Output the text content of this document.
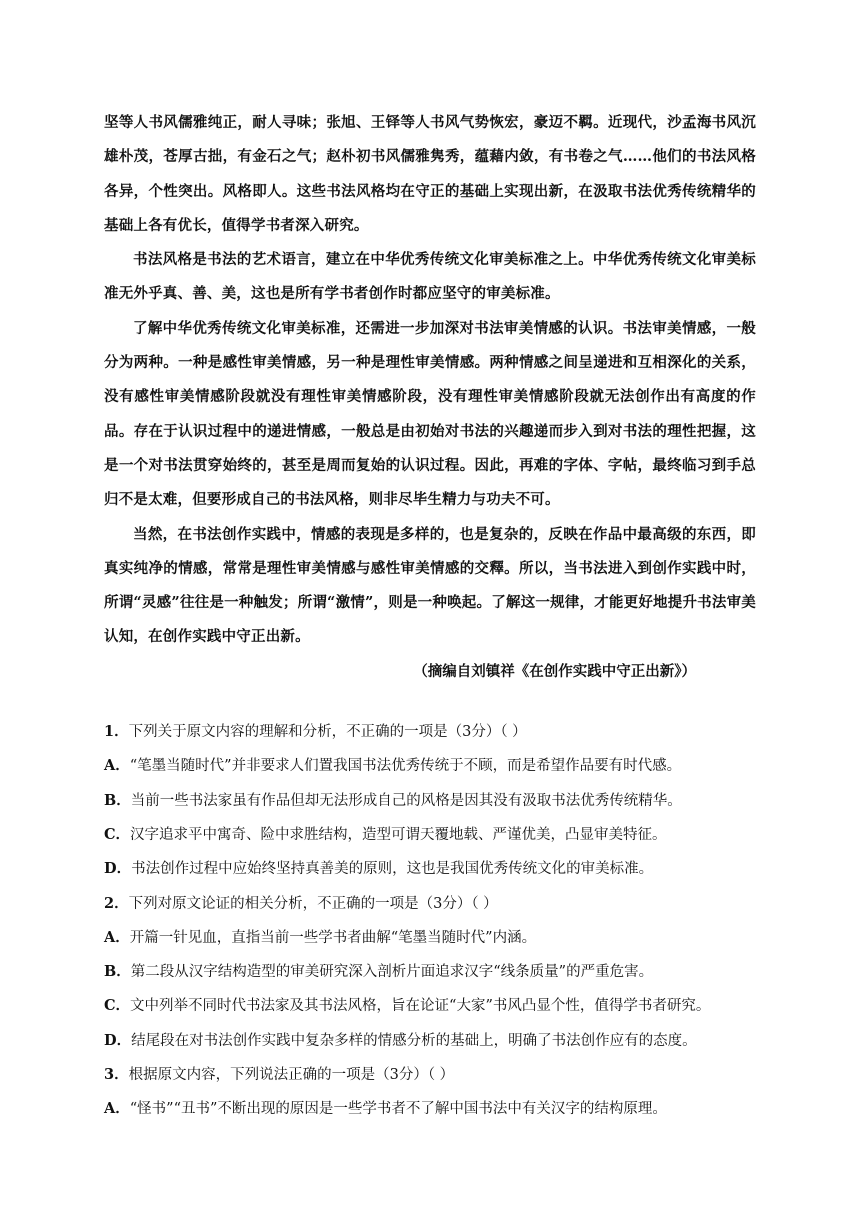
坚等人书风儒雅纯正，耐人寻味；张旭、王铎等人书风气势恢宏，豪迈不羁。近现代，沙孟海书风沉雄朴茂，苍厚古拙，有金石之气；赵朴初书风儒雅隽秀，蕴藉内敛，有书卷之气……他们的书法风格各异，个性突出。风格即人。这些书法风格均在守正的基础上实现出新，在汲取书法优秀传统精华的基础上各有优长，值得学书者深入研究。

书法风格是书法的艺术语言，建立在中华优秀传统文化审美标准之上。中华优秀传统文化审美标准无外乎真、善、美，这也是所有学书者创作时都应坚守的审美标准。

了解中华优秀传统文化审美标准，还需进一步加深对书法审美情感的认识。书法审美情感，一般分为两种。一种是感性审美情感，另一种是理性审美情感。两种情感之间呈递进和互相深化的关系，没有感性审美情感阶段就没有理性审美情感阶段，没有理性审美情感阶段就无法创作出有高度的作品。存在于认识过程中的递进情感，一般总是由初始对书法的兴趣递而步入到对书法的理性把握，这是一个对书法贯穿始终的，甚至是周而复始的认识过程。因此，再难的字体、字帖，最终临习到手总归不是太难，但要形成自己的书法风格，则非尽毕生精力与功夫不可。

当然，在书法创作实践中，情感的表现是多样的，也是复杂的，反映在作品中最高级的东西，即真实纯净的情感，常常是理性审美情感与感性审美情感的交釋。所以，当书法进入到创作实践中时，所谓“灵感”往往是一种触发；所谓“激情”，则是一种唤起。了解这一规律，才能更好地提升书法审美认知，在创作实践中守正出新。

（摘编自刘镇祥《在创作实践中守正出新》）

1．下列关于原文内容的理解和分析，不正确的一项是（3分）（ ）

A．“笔墨当随时代”并非要求人们置我国书法优秀传统于不顾，而是希望作品要有时代感。

B．当前一些书法家虽有作品但却无法形成自己的风格是因其没有汲取书法优秀传统精华。

C．汉字追求平中寓奇、险中求胜结构，造型可谓天覆地载、严谨优美，凸显审美特征。

D．书法创作过程中应始终坚持真善美的原则，这也是我国优秀传统文化的审美标准。

2．下列对原文论证的相关分析，不正确的一项是（3分）（ ）

A．开篇一针见血，直指当前一些学书者曲解“笔墨当随时代”内涵。

B．第二段从汉字结构造型的审美研究深入剖析片面追求汉字“线条质量”的严重危害。

C．文中列举不同时代书法家及其书法风格，旨在论证“大家”书风凸显个性，值得学书者研究。

D．结尾段在对书法创作实践中复杂多样的情感分析的基础上，明确了书法创作应有的态度。

3．根据原文内容，下列说法正确的一项是（3分）（ ）

A．“怪书”“丑书”不断出现的原因是一些学书者不了解中国书法中有关汉字的结构原理。
